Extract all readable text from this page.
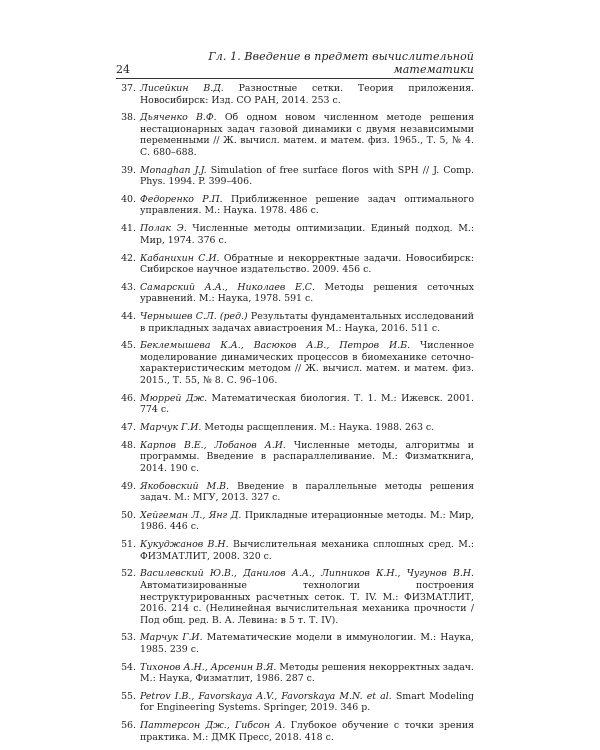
24
Гл. 1. Введение в предмет вычислительной математики
37. Лисейкин В.Д. Разностные сетки. Теория приложения. Новосибирск: Изд. СО РАН, 2014. 253 с.
38. Дьяченко В.Ф. Об одном новом численном методе решения нестационарных задач газовой динамики с двумя независимыми переменными // Ж. вычисл. матем. и матем. физ. 1965., Т. 5, № 4. С. 680–688.
39. Monaghan J.J. Simulation of free surface floros with SPH // J. Comp. Phys. 1994. P. 399–406.
40. Федоренко Р.П. Приближенное решение задач оптимального управления. М.: Наука. 1978. 486 с.
41. Полак Э. Численные методы оптимизации. Единый подход. М.: Мир, 1974. 376 с.
42. Кабанихин С.И. Обратные и некорректные задачи. Новосибирск: Сибирское научное издательство. 2009. 456 с.
43. Самарский А.А., Николаев Е.С. Методы решения сеточных уравнений. М.: Наука, 1978. 591 с.
44. Чернышев С.Л. (ред.) Результаты фундаментальных исследований в прикладных задачах авиастроения М.: Наука, 2016. 511 с.
45. Беклемышева К.А., Васюков А.В., Петров И.Б. Численное моделирование динамических процессов в биомеханике сеточно-характеристическим методом // Ж. вычисл. матем. и матем. физ. 2015., Т. 55, № 8. С. 96–106.
46. Мюррей Дж. Математическая биология. Т. 1. М.: Ижевск. 2001. 774 с.
47. Марчук Г.И. Методы расщепления. М.: Наука. 1988. 263 с.
48. Карпов В.Е., Лобанов А.И. Численные методы, алгоритмы и программы. Введение в распараллеливание. М.: Физматкнига, 2014. 190 с.
49. Якобовский М.В. Введение в параллельные методы решения задач. М.: МГУ, 2013. 327 с.
50. Хейгеман Л., Янг Д. Прикладные итерационные методы. М.: Мир, 1986. 446 с.
51. Кукуджанов В.Н. Вычислительная механика сплошных сред. М.: ФИЗМАТЛИТ, 2008. 320 с.
52. Василевский Ю.В., Данилов А.А., Липников К.Н., Чугунов В.Н. Автоматизированные технологии построения неструктурированных расчетных сеток. Т. IV. М.: ФИЗМАТЛИТ, 2016. 214 с. (Нелинейная вычислительная механика прочности / Под общ. ред. В. А. Левина: в 5 т. Т. IV).
53. Марчук Г.И. Математические модели в иммунологии. М.: Наука, 1985. 239 с.
54. Тихонов А.Н., Арсенин В.Я. Методы решения некорректных задач. М.: Наука, Физматлит, 1986. 287 с.
55. Petrov I.B., Favorskaya A.V., Favorskaya M.N. et al. Smart Modeling for Engineering Systems. Springer, 2019. 346 p.
56. Паттерсон Дж., Гибсон А. Глубокое обучение с точки зрения практика. М.: ДМК Пресс, 2018. 418 с.
